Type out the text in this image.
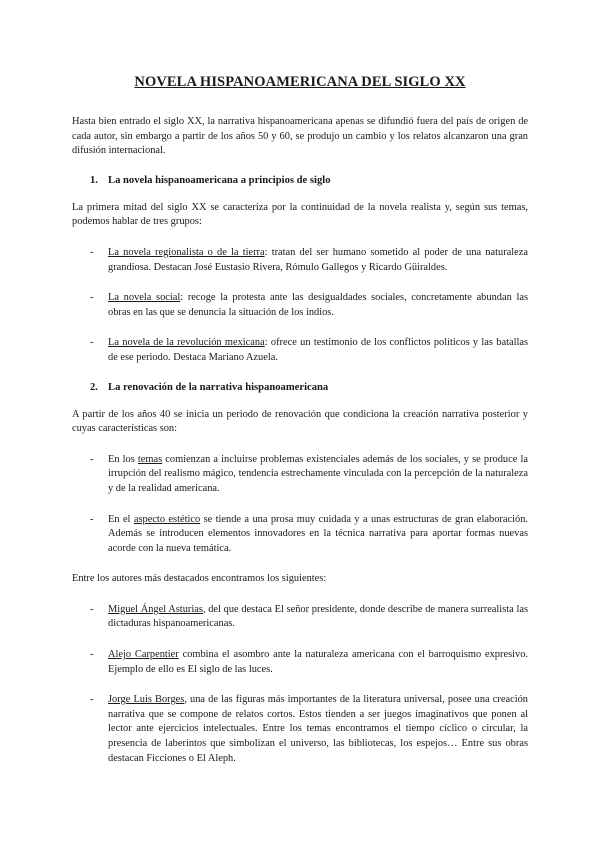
NOVELA HISPANOAMERICANA DEL SIGLO XX

Hasta bien entrado el siglo XX, la narrativa hispanoamericana apenas se difundió fuera del país de origen de cada autor, sin embargo a partir de los años 50 y 60, se produjo un cambio y los relatos alcanzaron una gran difusión internacional.

1. La novela hispanoamericana a principios de siglo

La primera mitad del siglo XX se caracteriza por la continuidad de la novela realista y, según sus temas, podemos hablar de tres grupos:

- La novela regionalista o de la tierra: tratan del ser humano sometido al poder de una naturaleza grandiosa. Destacan José Eustasio Rivera, Rómulo Gallegos y Ricardo Güiraldes.
- La novela social: recoge la protesta ante las desigualdades sociales, concretamente abundan las obras en las que se denuncia la situación de los indios.
- La novela de la revolución mexicana: ofrece un testimonio de los conflictos políticos y las batallas de ese periodo. Destaca Mariano Azuela.
2. La renovación de la narrativa hispanoamericana

A partir de los años 40 se inicia un periodo de renovación que condiciona la creación narrativa posterior y cuyas características son:

- En los temas comienzan a incluirse problemas existenciales además de los sociales, y se produce la irrupción del realismo mágico, tendencia estrechamente vinculada con la percepción de la naturaleza y de la realidad americana.
- En el aspecto estético se tiende a una prosa muy cuidada y a unas estructuras de gran elaboración. Además se introducen elementos innovadores en la técnica narrativa para aportar formas nuevas acorde con la nueva temática.

Entre los autores más destacados encontramos los siguientes:

- Miguel Ángel Asturias, del que destaca El señor presidente, donde describe de manera surrealista las dictaduras hispanoamericanas.
- Alejo Carpentier combina el asombro ante la naturaleza americana con el barroquismo expresivo. Ejemplo de ello es El siglo de las luces.
- Jorge Luis Borges, una de las figuras más importantes de la literatura universal, posee una creación narrativa que se compone de relatos cortos. Estos tienden a ser juegos imaginativos que ponen al lector ante ejercicios intelectuales. Entre los temas encontramos el tiempo cíclico o circular, la presencia de laberintos que simbolizan el universo, las bibliotecas, los espejos… Entre sus obras destacan Ficciones o El Aleph.
